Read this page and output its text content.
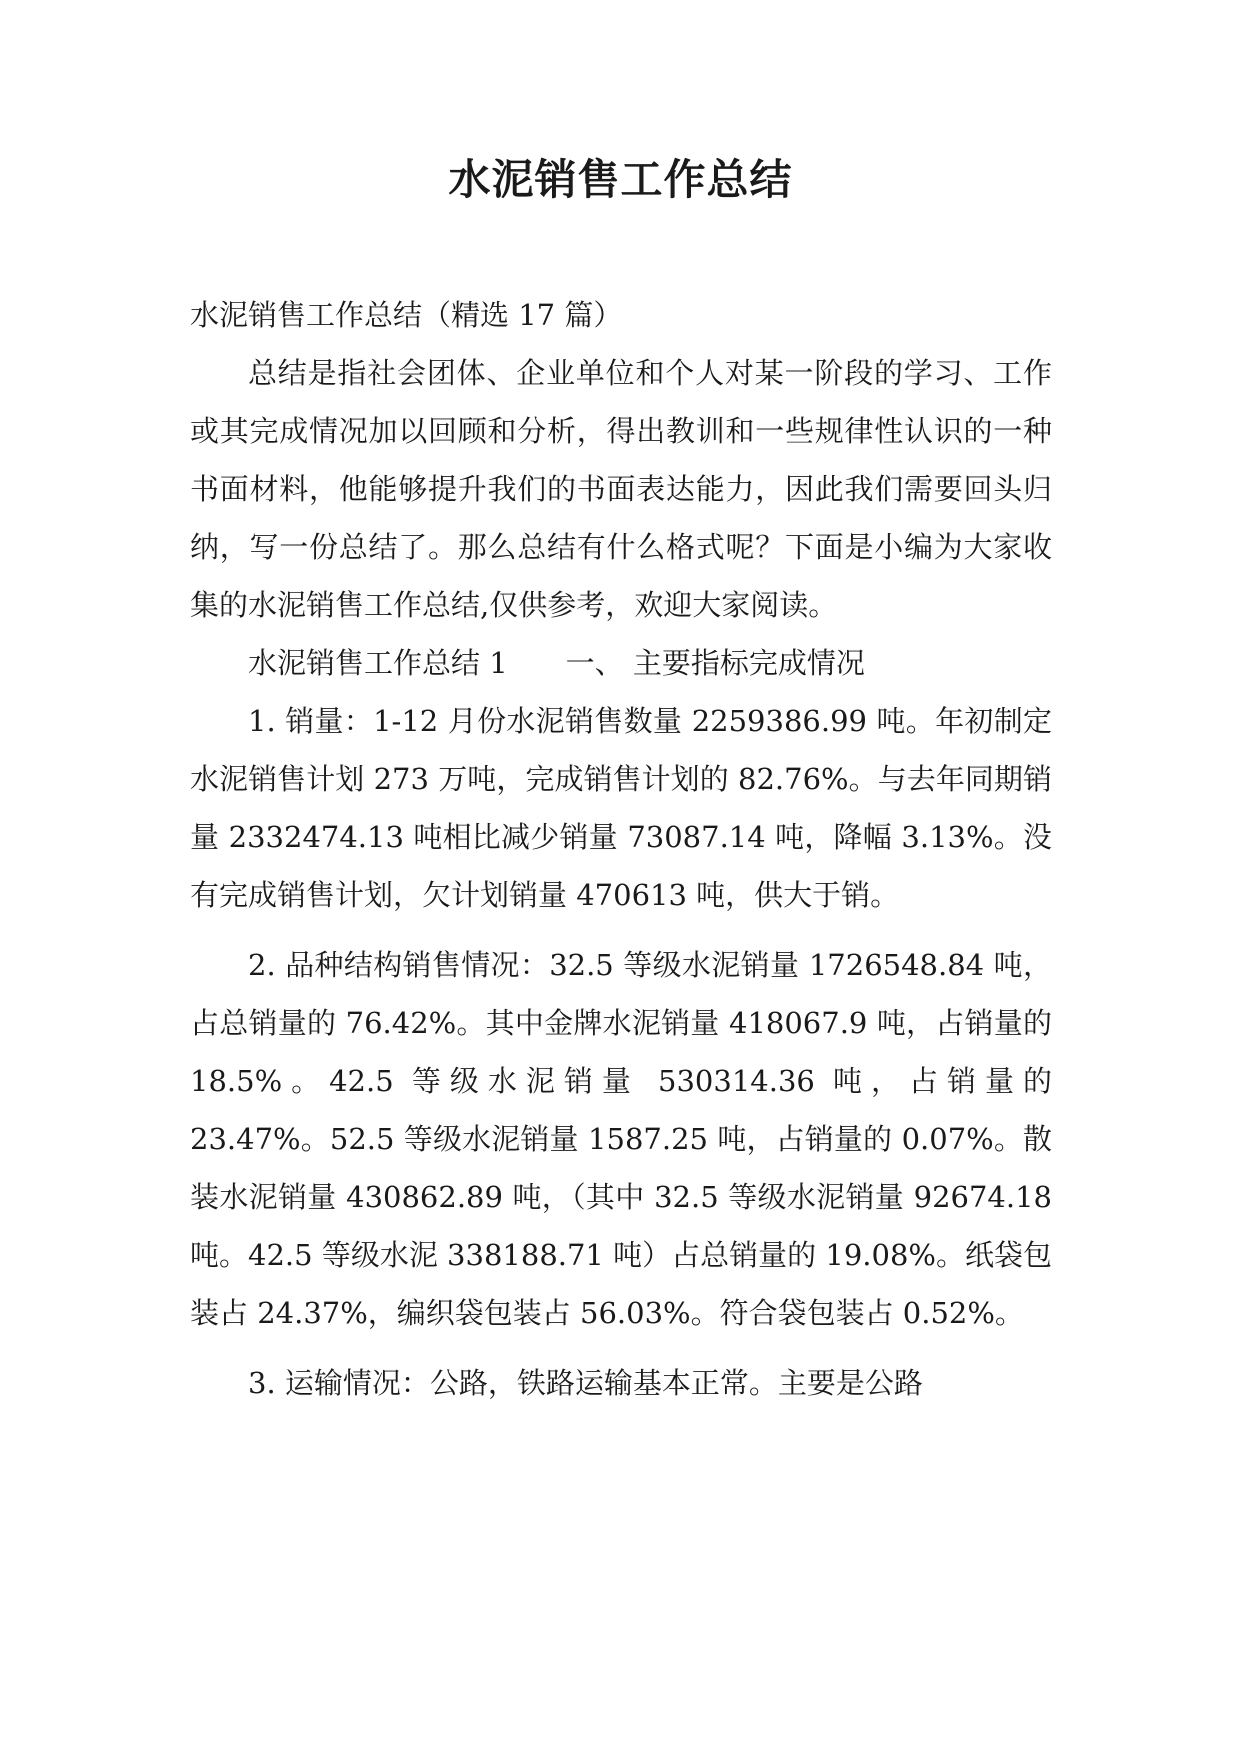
水泥销售工作总结

水泥销售工作总结（精选 17 篇）

总结是指社会团体、企业单位和个人对某一阶段的学习、工作或其完成情况加以回顾和分析，得出教训和一些规律性认识的一种书面材料，他能够提升我们的书面表达能力，因此我们需要回头归纳，写一份总结了。那么总结有什么格式呢？下面是小编为大家收集的水泥销售工作总结,仅供参考，欢迎大家阅读。

水泥销售工作总结 1　　一、 主要指标完成情况

1. 销量：1-12 月份水泥销售数量 2259386.99 吨。年初制定水泥销售计划 273 万吨，完成销售计划的 82.76%。与去年同期销量 2332474.13 吨相比减少销量 73087.14 吨，降幅 3.13%。没有完成销售计划，欠计划销量 470613 吨，供大于销。

2. 品种结构销售情况：32.5 等级水泥销量 1726548.84 吨，占总销量的 76.42%。其中金牌水泥销量 418067.9 吨，占销量的 18.5%。42.5 等级水泥销量 530314.36 吨，占销量的 23.47%。52.5 等级水泥销量 1587.25 吨，占销量的 0.07%。散装水泥销量 430862.89 吨，（其中 32.5 等级水泥销量 92674.18 吨。42.5 等级水泥 338188.71 吨）占总销量的 19.08%。纸袋包装占 24.37%，编织袋包装占 56.03%。符合袋包装占 0.52%。

3. 运输情况：公路，铁路运输基本正常。主要是公路
